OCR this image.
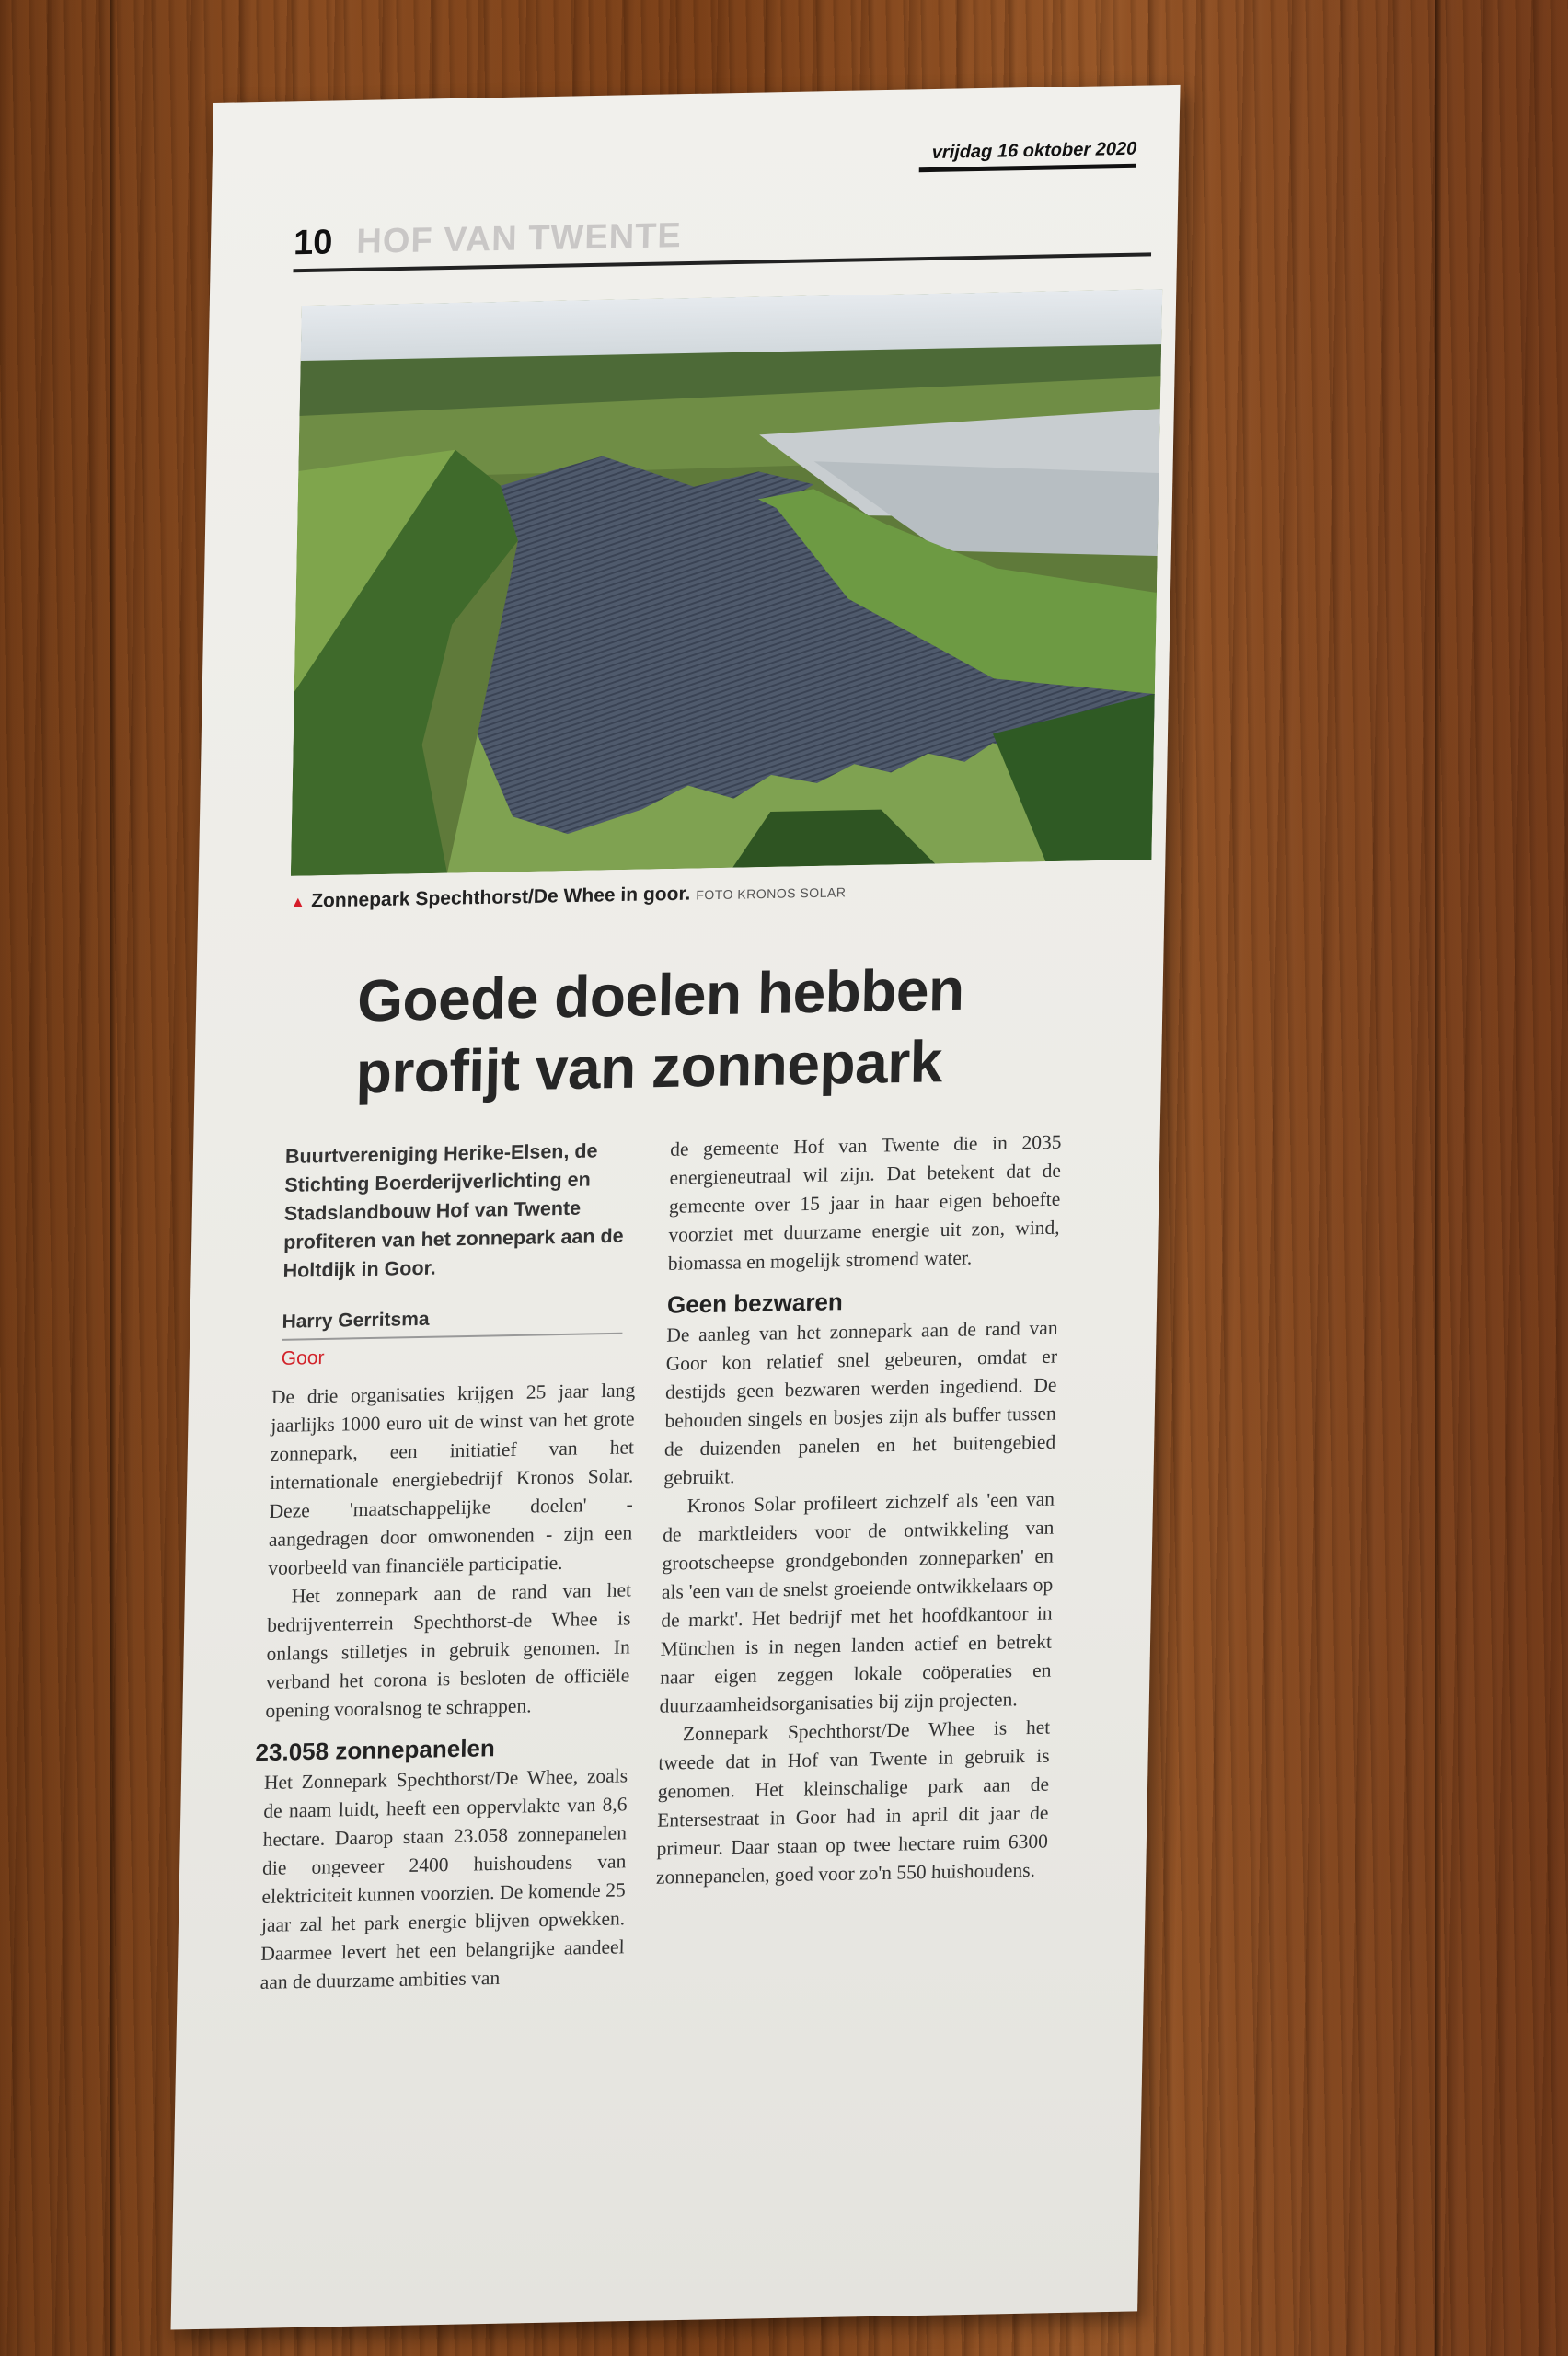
vrijdag 16 oktober 2020
10 HOF VAN TWENTE
▲ Zonnepark Spechthorst/De Whee in goor. FOTO KRONOS SOLAR
Goede doelen hebben profijt van zonnepark

Buurtvereniging Herike-Elsen, de Stichting Boerderijverlichting en Stadslandbouw Hof van Twente profiteren van het zonnepark aan de Holtdijk in Goor.

Harry Gerritsma
Goor

De drie organisaties krijgen 25 jaar lang jaarlijks 1000 euro uit de winst van het grote zonnepark, een initiatief van het internationale energiebedrijf Kronos Solar. Deze 'maatschappelijke doelen' - aangedragen door omwonenden - zijn een voorbeeld van financiële participatie.

Het zonnepark aan de rand van het bedrijventerrein Spechthorst-de Whee is onlangs stilletjes in gebruik genomen. In verband het corona is besloten de officiële opening vooralsnog te schrappen.

23.058 zonnepanelen

Het Zonnepark Spechthorst/De Whee, zoals de naam luidt, heeft een oppervlakte van 8,6 hectare. Daarop staan 23.058 zonnepanelen die ongeveer 2400 huishoudens van elektriciteit kunnen voorzien. De komende 25 jaar zal het park energie blijven opwekken. Daarmee levert het een belangrijke aandeel aan de duurzame ambities van

de gemeente Hof van Twente die in 2035 energieneutraal wil zijn. Dat betekent dat de gemeente over 15 jaar in haar eigen behoefte voorziet met duurzame energie uit zon, wind, biomassa en mogelijk stromend water.

Geen bezwaren

De aanleg van het zonnepark aan de rand van Goor kon relatief snel gebeuren, omdat er destijds geen bezwaren werden ingediend. De behouden singels en bosjes zijn als buffer tussen de duizenden panelen en het buitengebied gebruikt.

Kronos Solar profileert zichzelf als 'een van de marktleiders voor de ontwikkeling van grootscheepse grondgebonden zonneparken' en als 'een van de snelst groeiende ontwikkelaars op de markt'. Het bedrijf met het hoofdkantoor in München is in negen landen actief en betrekt naar eigen zeggen lokale coöperaties en duurzaamheidsorganisaties bij zijn projecten.

Zonnepark Spechthorst/De Whee is het tweede dat in Hof van Twente in gebruik is genomen. Het kleinschalige park aan de Entersestraat in Goor had in april dit jaar de primeur. Daar staan op twee hectare ruim 6300 zonnepanelen, goed voor zo'n 550 huishoudens.
